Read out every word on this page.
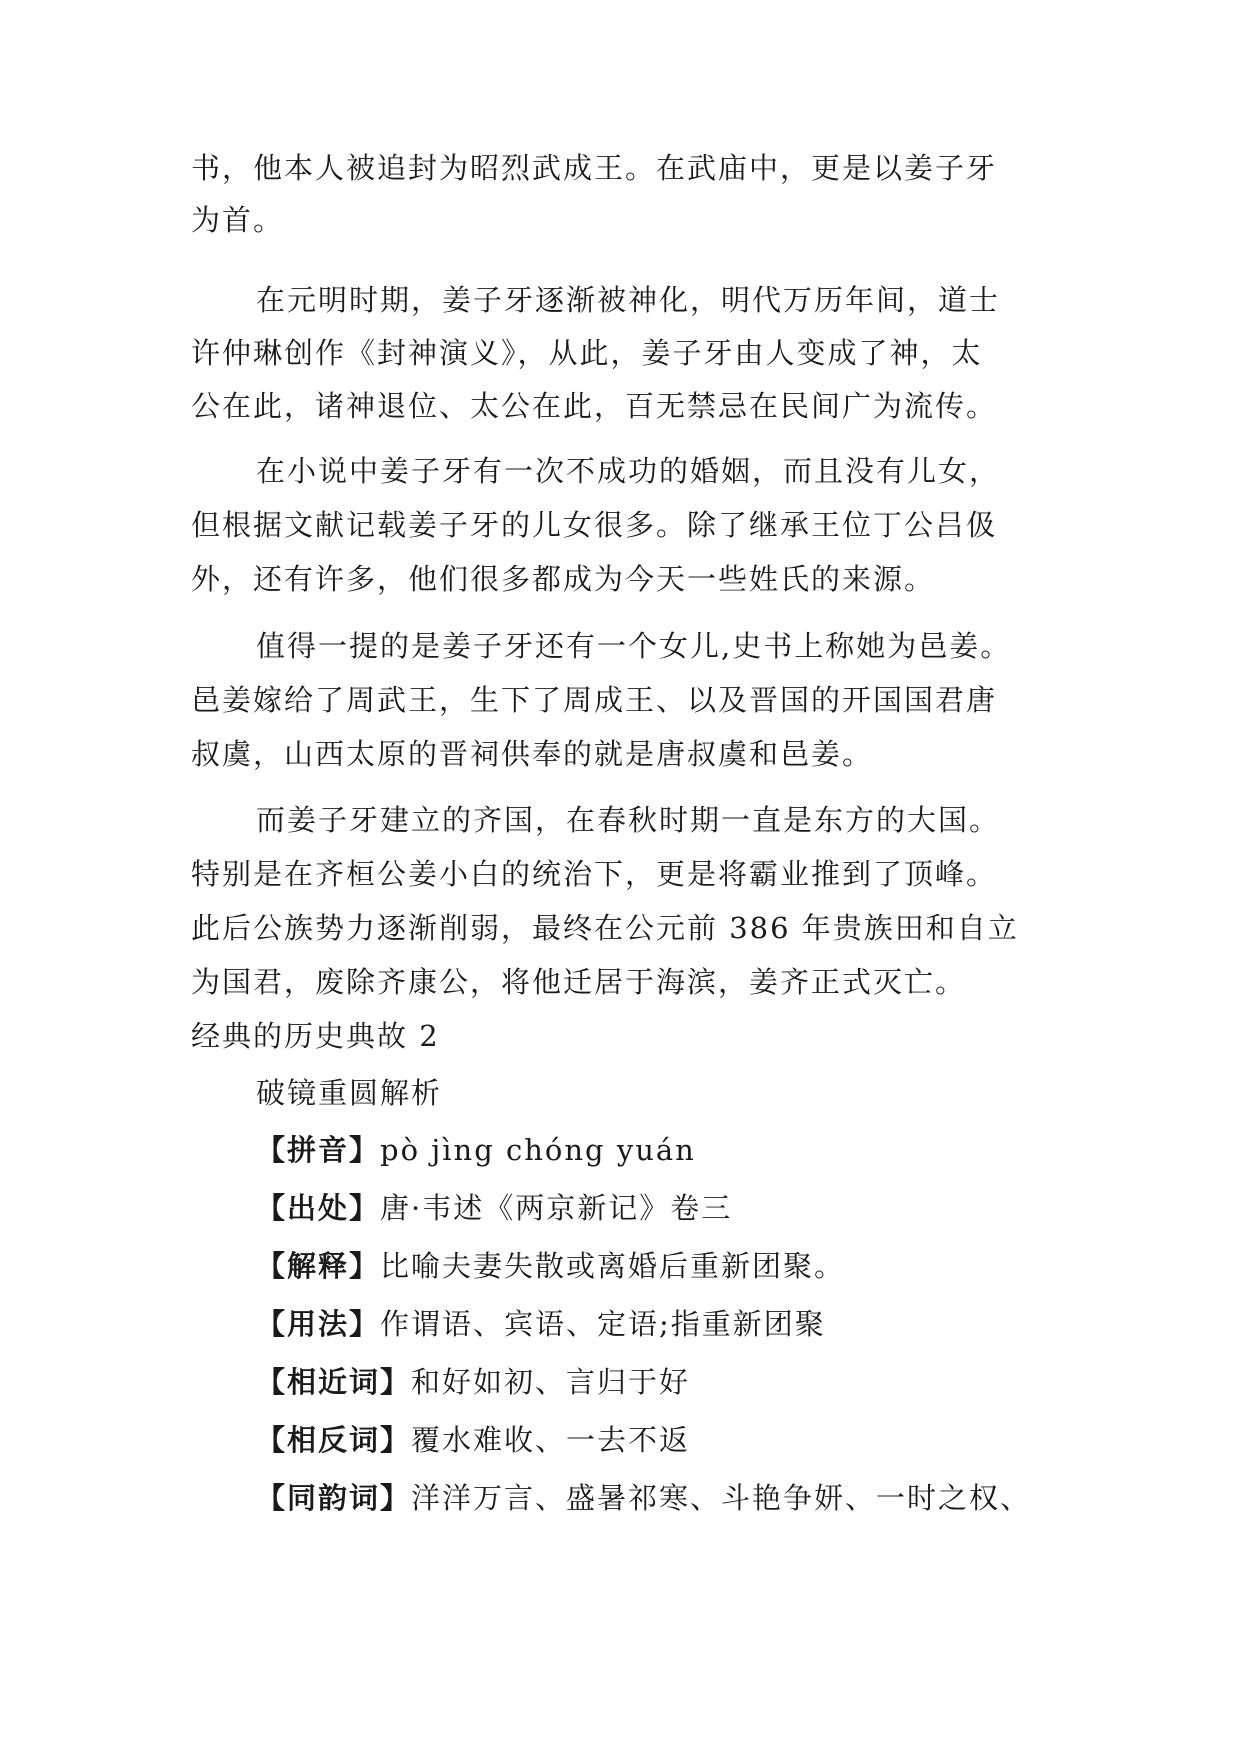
书，他本人被追封为昭烈武成王。在武庙中，更是以姜子牙
为首。
在元明时期，姜子牙逐渐被神化，明代万历年间，道士
许仲琳创作《封神演义》，从此，姜子牙由人变成了神，太
公在此，诸神退位、太公在此，百无禁忌在民间广为流传。
在小说中姜子牙有一次不成功的婚姻，而且没有儿女，
但根据文献记载姜子牙的儿女很多。除了继承王位丁公吕伋
外，还有许多，他们很多都成为今天一些姓氏的来源。
值得一提的是姜子牙还有一个女儿,史书上称她为邑姜。
邑姜嫁给了周武王，生下了周成王、以及晋国的开国国君唐
叔虞，山西太原的晋祠供奉的就是唐叔虞和邑姜。
而姜子牙建立的齐国，在春秋时期一直是东方的大国。
特别是在齐桓公姜小白的统治下，更是将霸业推到了顶峰。
此后公族势力逐渐削弱，最终在公元前 386 年贵族田和自立
为国君，废除齐康公，将他迁居于海滨，姜齐正式灭亡。
经典的历史典故 2
破镜重圆解析
【拼音】pò jìng chóng yuán
【出处】唐·韦述《两京新记》卷三
【解释】比喻夫妻失散或离婚后重新团聚。
【用法】作谓语、宾语、定语;指重新团聚
【相近词】和好如初、言归于好
【相反词】覆水难收、一去不返
【同韵词】洋洋万言、盛暑祁寒、斗艳争妍、一时之权、
